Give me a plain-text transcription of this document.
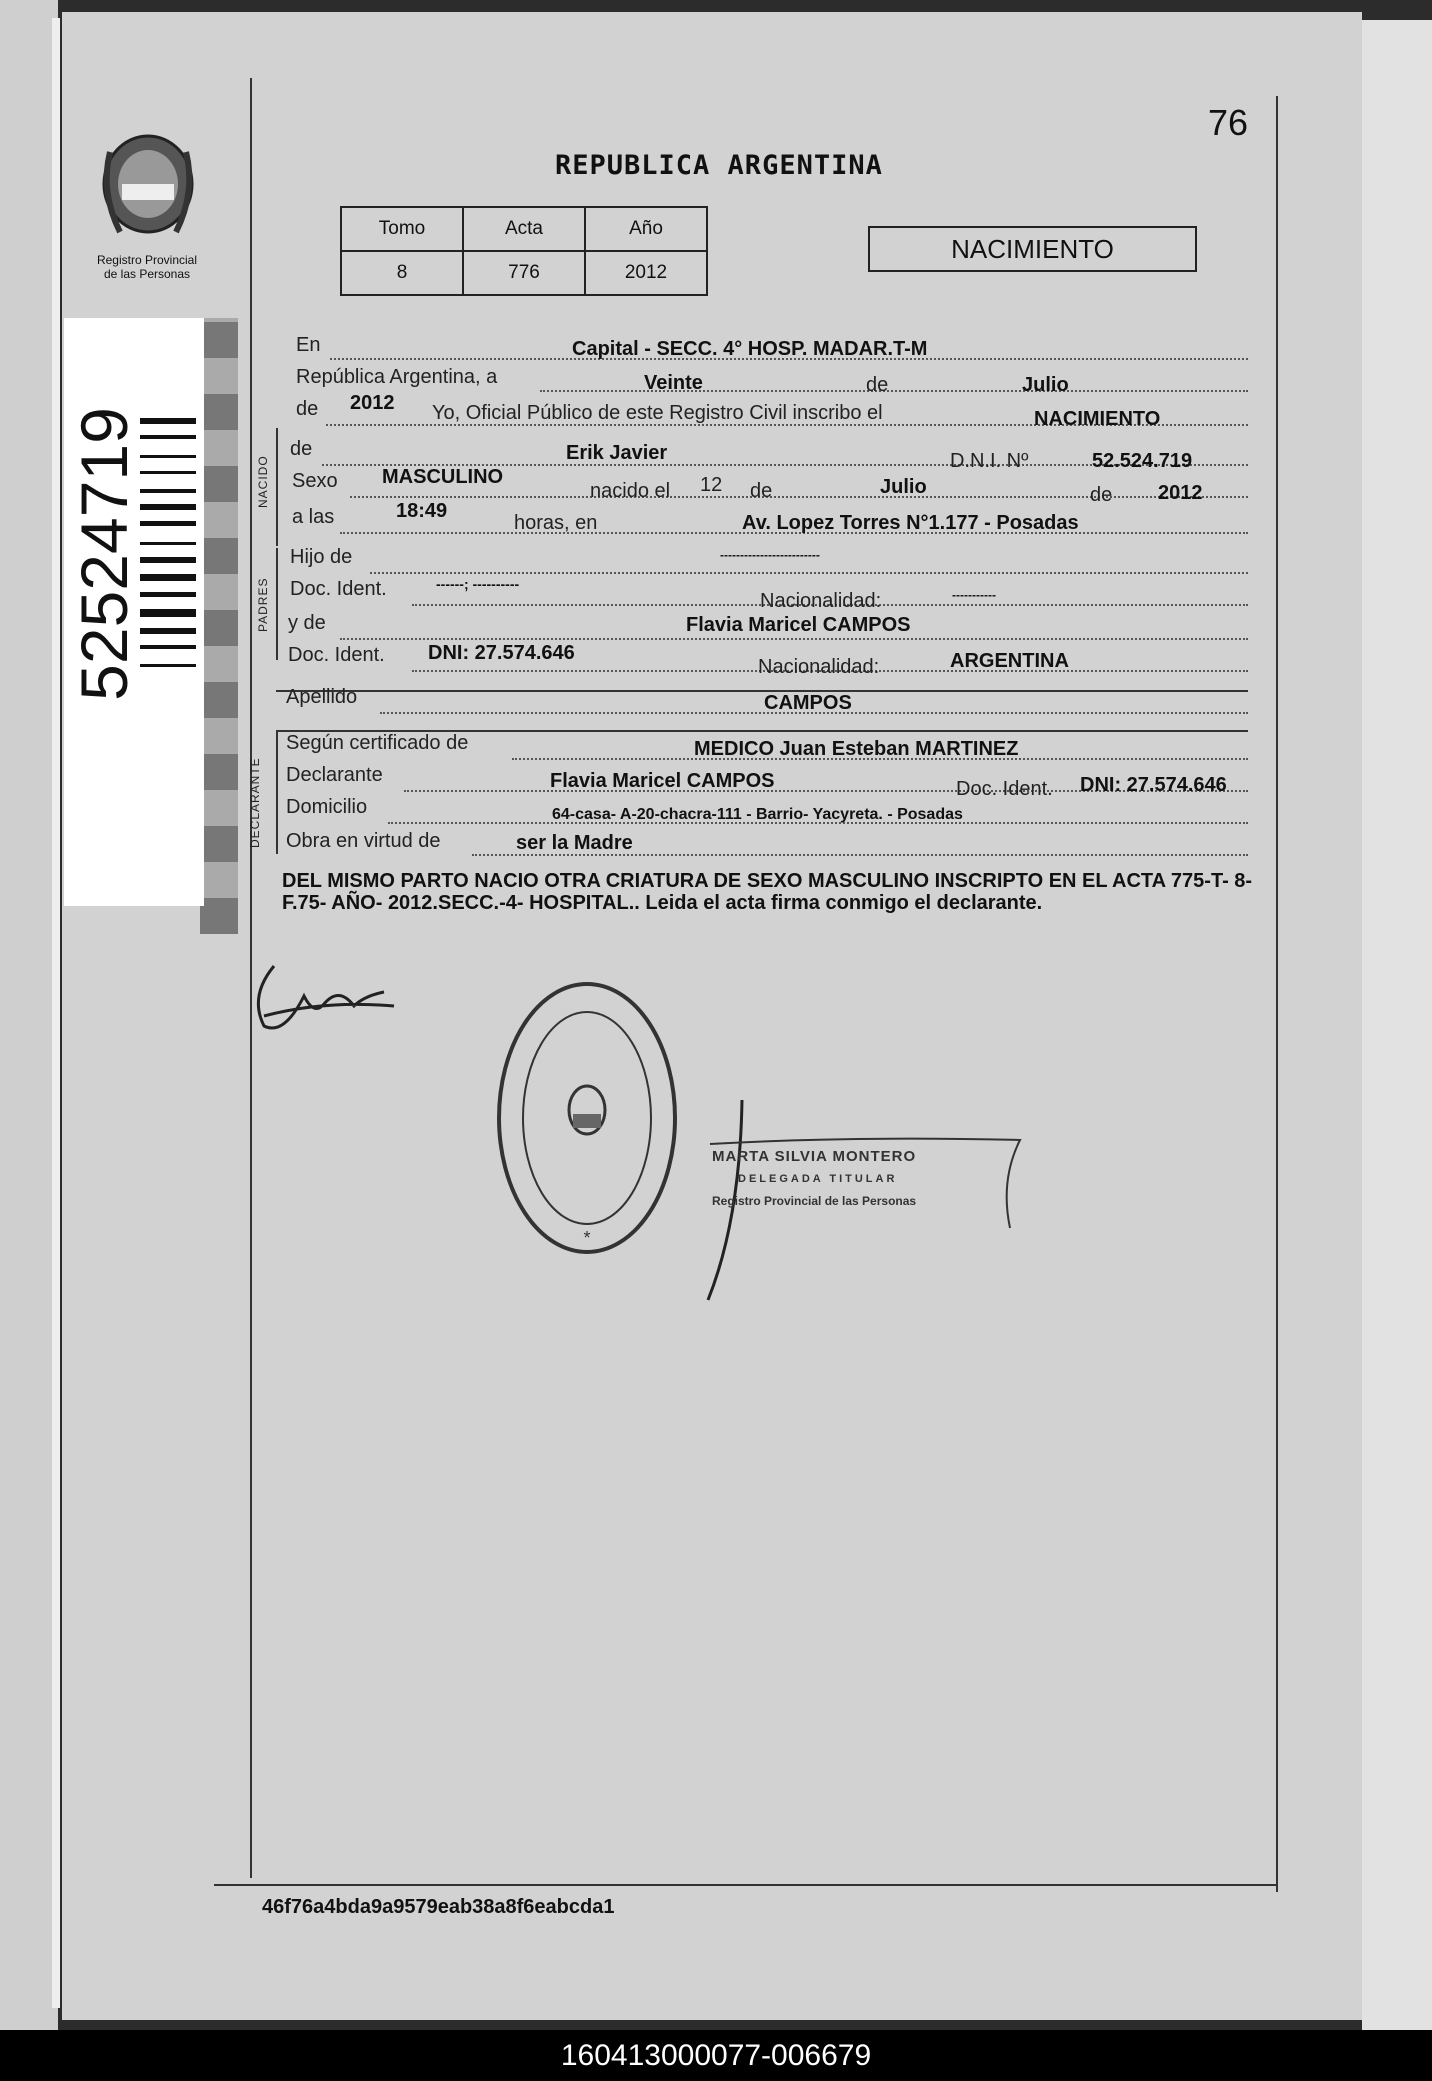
Registro Provincial
de las Personas
52524719
76
REPUBLICA ARGENTINA
Tomo	Acta	Año
8	776	2012
NACIMIENTO
NACIDO
PADRES
DECLARANTE
En	Capital - SECC. 4° HOSP. MADAR.T-M
República Argentina, a	Veinte	de	Julio
de 2012 Yo, Oficial Público de este Registro Civil inscribo el	NACIMIENTO
de	Erik Javier	D.N.I. Nº	52.524.719
Sexo MASCULINO
nacido el 12 de	Julio	de 2012
a las	18:49
horas, en	Av. Lopez Torres N°1.177 - Posadas
Hijo de	-------------------------
Doc. Ident.	------; ----------
Nacionalidad:	-----------
y de	Flavia Maricel CAMPOS
Doc. Ident. DNI: 27.574.646
Nacionalidad:	ARGENTINA
Apellido	CAMPOS
Según certificado de	MEDICO Juan Esteban MARTINEZ
Declarante	Flavia Maricel CAMPOS	Doc. Ident. DNI: 27.574.646
Domicilio	64-casa- A-20-chacra-111 - Barrio- Yacyreta. - Posadas
Obra en virtud de	ser la Madre
DEL MISMO PARTO NACIO OTRA CRIATURA DE SEXO MASCULINO INSCRIPTO EN EL ACTA 775-T- 8- F.75- AÑO- 2012.SECC.-4- HOSPITAL.. Leida el acta firma conmigo el declarante.
*
MARTA SILVIA MONTERO
DELEGADA TITULAR
Registro Provincial de las Personas
46f76a4bda9a9579eab38a8f6eabcda1
160413000077-006679
